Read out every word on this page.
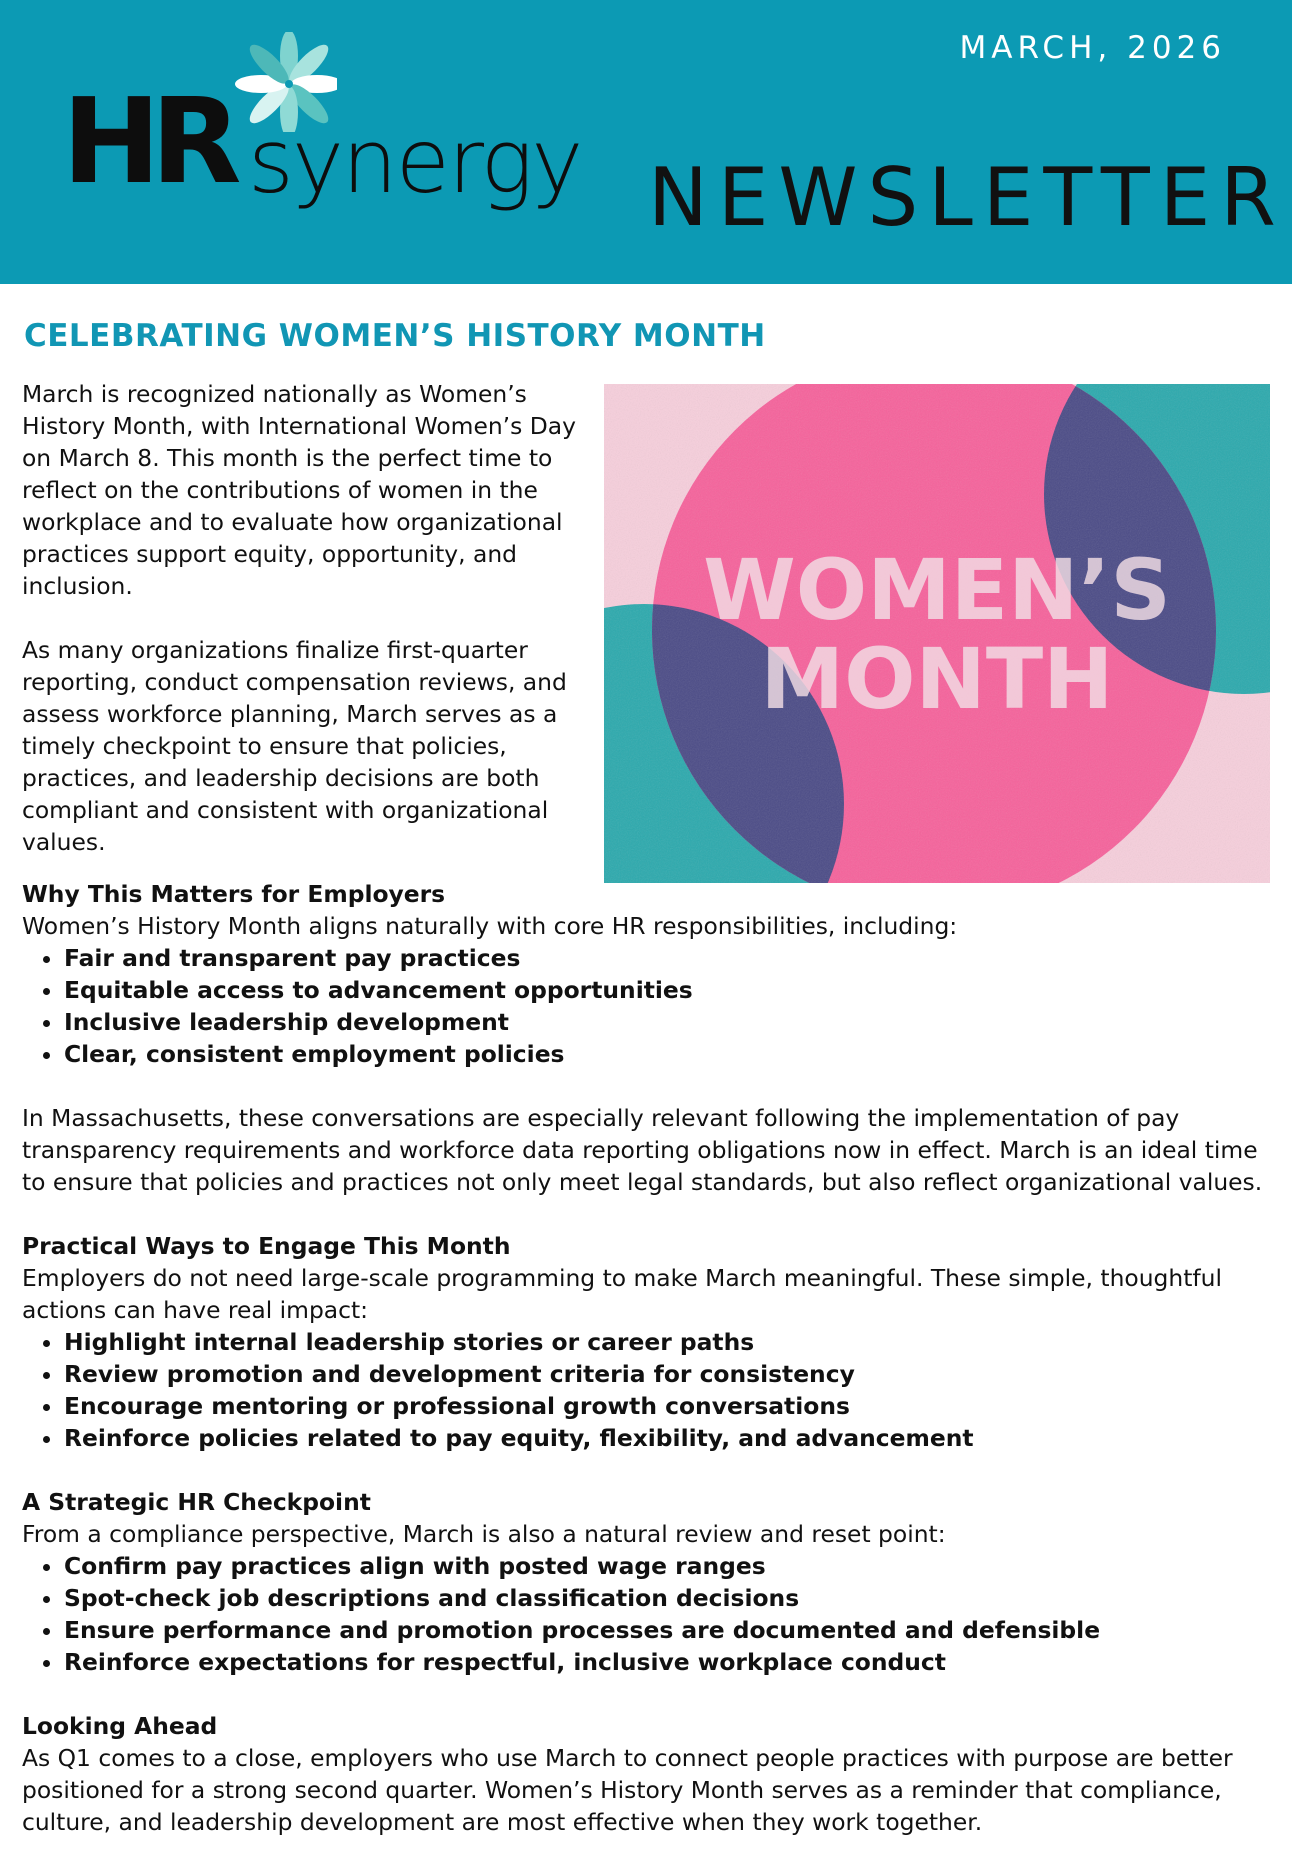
HR synergy
MARCH, 2026
NEWSLETTER
CELEBRATING WOMEN’S HISTORY MONTH

March is recognized nationally as Women’s History Month, with International Women’s Day on March 8. This month is the perfect time to reflect on the contributions of women in the workplace and to evaluate how organizational practices support equity, opportunity, and inclusion.

As many organizations finalize first-quarter reporting, conduct compensation reviews, and assess workforce planning, March serves as a timely checkpoint to ensure that policies, practices, and leadership decisions are both compliant and consistent with organizational values.

WOMEN’S
MONTH
Why This Matters for Employers

Women’s History Month aligns naturally with core HR responsibilities, including:

• Fair and transparent pay practices
• Equitable access to advancement opportunities
• Inclusive leadership development
• Clear, consistent employment policies

In Massachusetts, these conversations are especially relevant following the implementation of pay transparency requirements and workforce data reporting obligations now in effect. March is an ideal time to ensure that policies and practices not only meet legal standards, but also reflect organizational values.

Practical Ways to Engage This Month

Employers do not need large-scale programming to make March meaningful. These simple, thoughtful actions can have real impact:

• Highlight internal leadership stories or career paths
• Review promotion and development criteria for consistency
• Encourage mentoring or professional growth conversations
• Reinforce policies related to pay equity, flexibility, and advancement
A Strategic HR Checkpoint

From a compliance perspective, March is also a natural review and reset point:

• Confirm pay practices align with posted wage ranges
• Spot-check job descriptions and classification decisions
• Ensure performance and promotion processes are documented and defensible
• Reinforce expectations for respectful, inclusive workplace conduct
Looking Ahead

As Q1 comes to a close, employers who use March to connect people practices with purpose are better positioned for a strong second quarter. Women’s History Month serves as a reminder that compliance, culture, and leadership development are most effective when they work together.
